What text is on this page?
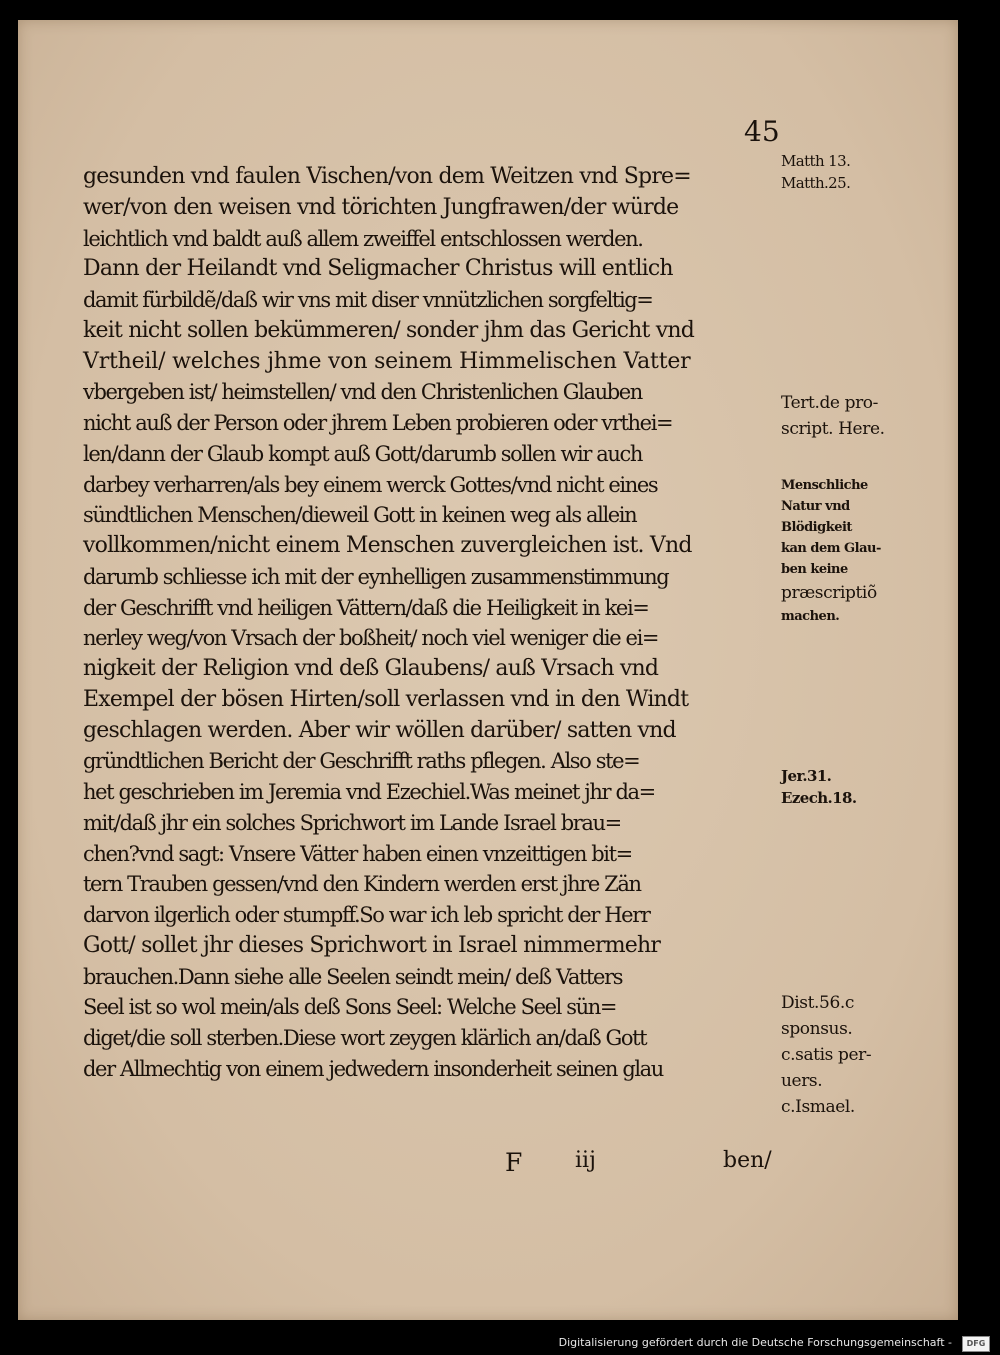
45

gesunden vnd faulen Vischen/von dem Weitzen vnd Spre=
wer/von den weisen vnd törichten Jungfrawen/der würde
leichtlich vnd baldt auß allem zweiffel entschlossen werden.
Dann der Heilandt vnd Seligmacher Christus will entlich
damit fürbildẽ/daß wir vns mit diser vnnützlichen sorgfeltig=
keit nicht sollen bekümmeren/ sonder jhm das Gericht vnd
Vrtheil/ welches jhme von seinem Himmelischen Vatter
vbergeben ist/ heimstellen/ vnd den Christenlichen Glauben
nicht auß der Person oder jhrem Leben probieren oder vrthei=
len/dann der Glaub kompt auß Gott/darumb sollen wir auch
darbey verharren/als bey einem werck Gottes/vnd nicht eines
sündtlichen Menschen/dieweil Gott in keinen weg als allein
vollkommen/nicht einem Menschen zuvergleichen ist. Vnd
darumb schliesse ich mit der eynhelligen zusammenstimmung
der Geschrifft vnd heiligen Vättern/daß die Heiligkeit in kei=
nerley weg/von Vrsach der boßheit/ noch viel weniger die ei=
nigkeit der Religion vnd deß Glaubens/ auß Vrsach vnd
Exempel der bösen Hirten/soll verlassen vnd in den Windt
geschlagen werden. Aber wir wöllen darüber/ satten vnd
gründtlichen Bericht der Geschrifft raths pflegen. Also ste=
het geschrieben im Jeremia vnd Ezechiel.Was meinet jhr da=
mit/daß jhr ein solches Sprichwort im Lande Israel brau=
chen?vnd sagt: Vnsere Vätter haben einen vnzeittigen bit=
tern Trauben gessen/vnd den Kindern werden erst jhre Zän
darvon ilgerlich oder stumpff.So war ich leb spricht der Herr
Gott/ sollet jhr dieses Sprichwort in Israel nimmermehr
brauchen.Dann siehe alle Seelen seindt mein/ deß Vatters
Seel ist so wol mein/als deß Sons Seel: Welche Seel sün=
diget/die soll sterben.Diese wort zeygen klärlich an/daß Gott
der Allmechtig von einem jedwedern insonderheit seinen glau

F iij	ben/

Matth 13.
Matth.25.
Tert.de pro-
script. Here.
Menschliche
Natur vnd
Blödigkeit
kan dem Glau-
ben keine
præscriptiõ
machen.
Jer.31.
Ezech.18.
Dist.56.c
sponsus.
c.satis per-
uers.
c.Ismael.

Digitalisierung gefördert durch die Deutsche Forschungsgemeinschaft -	DFG
